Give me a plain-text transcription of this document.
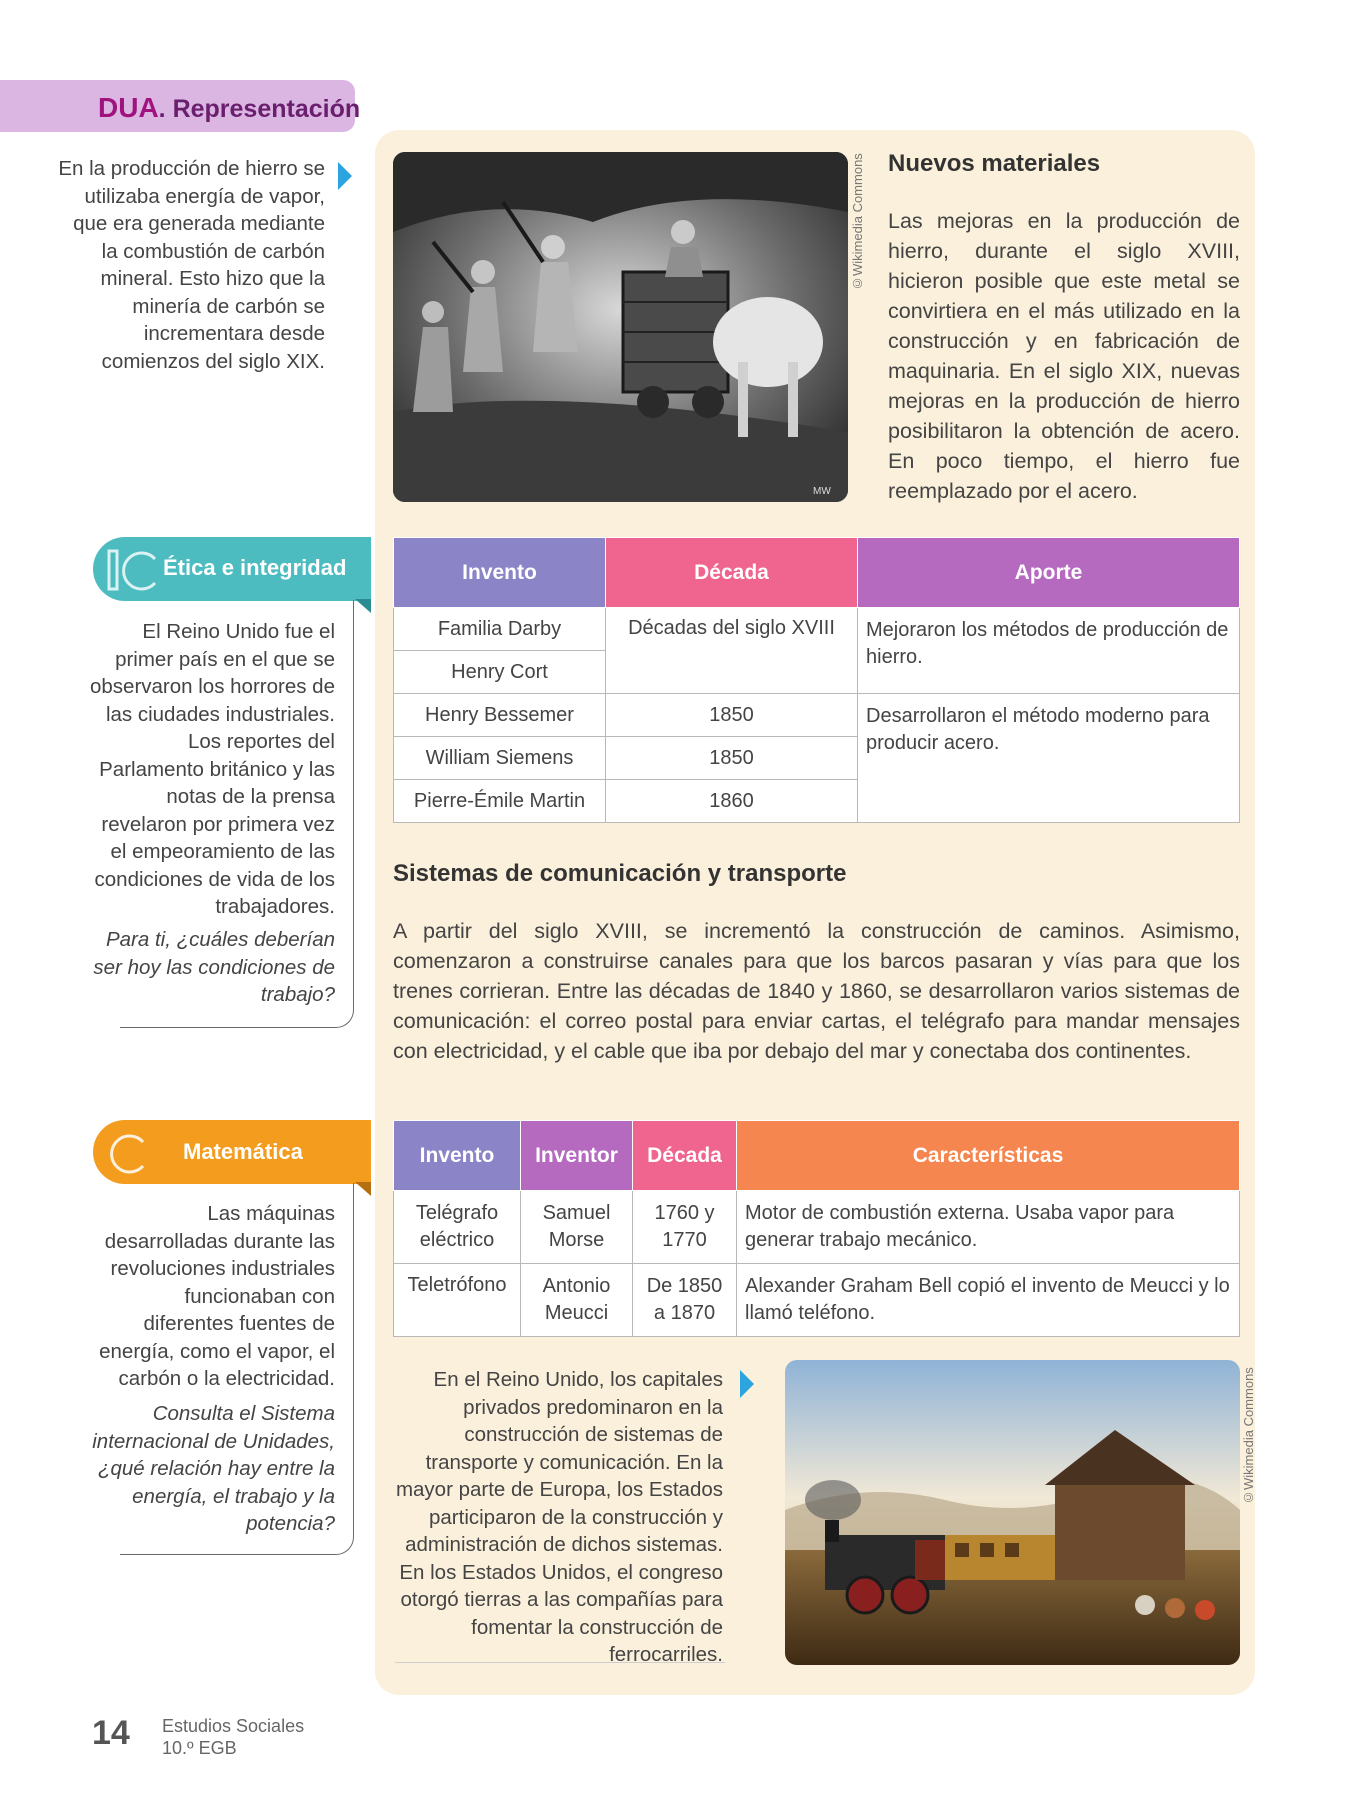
DUA. Representación
En la producción de hierro se utilizaba energía de vapor, que era generada mediante la combustión de carbón mineral. Esto hizo que la minería de carbón se incrementara desde comienzos del siglo XIX.
MW
©Wikimedia Commons Nuevos materiales
Las mejoras en la producción de hierro, durante el siglo XVIII, hicieron posible que este metal se convirtiera en el más utilizado en la construcción y en fabricación de maquinaria. En el siglo XIX, nuevas mejoras en la producción de hierro posibilitaron la obtención de acero. En poco tiempo, el hierro fue reemplazado por el acero.
Invento	Década	Aporte
Familia Darby	Décadas del siglo XVIII	Mejoraron los métodos de producción de hierro.
Henry Cort		
Henry Bessemer	1850	Desarrollaron el método moderno para producir acero.
William Siemens	1850	
Pierre-Émile Martin	1860	
Ética e integridad
El Reino Unido fue el primer país en el que se observaron los horrores de las ciudades industriales. Los reportes del Parlamento británico y las notas de la prensa revelaron por primera vez el empeoramiento de las condiciones de vida de los trabajadores.
Para ti, ¿cuáles deberían ser hoy las condiciones de trabajo?
Sistemas de comunicación y transporte
A partir del siglo XVIII, se incrementó la construcción de caminos. Asimismo, comenzaron a construirse canales para que los barcos pasaran y vías para que los trenes corrieran. Entre las décadas de 1840 y 1860, se desarrollaron varios sistemas de comunicación: el correo postal para enviar cartas, el telégrafo para mandar mensajes con electricidad, y el cable que iba por debajo del mar y conectaba dos continentes.
Invento	Inventor	Década	Características
Telégrafo eléctrico	Samuel Morse	1760 y 1770	Motor de combustión externa. Usaba vapor para generar trabajo mecánico.
Teletrófono	Antonio Meucci	De 1850 a 1870	Alexander Graham Bell copió el invento de Meucci y lo llamó teléfono.
Matemática
Las máquinas desarrolladas durante las revoluciones industriales funcionaban con diferentes fuentes de energía, como el vapor, el carbón o la electricidad.
Consulta el Sistema internacional de Unidades, ¿qué relación hay entre la energía, el trabajo y la potencia?
En el Reino Unido, los capitales privados predominaron en la construcción de sistemas de transporte y comunicación. En la mayor parte de Europa, los Estados participaron de la construcción y administración de dichos sistemas. En los Estados Unidos, el congreso otorgó tierras a las compañías para fomentar la construcción de ferrocarriles.
©Wikimedia Commons
14 Estudios Sociales
10.º EGB
